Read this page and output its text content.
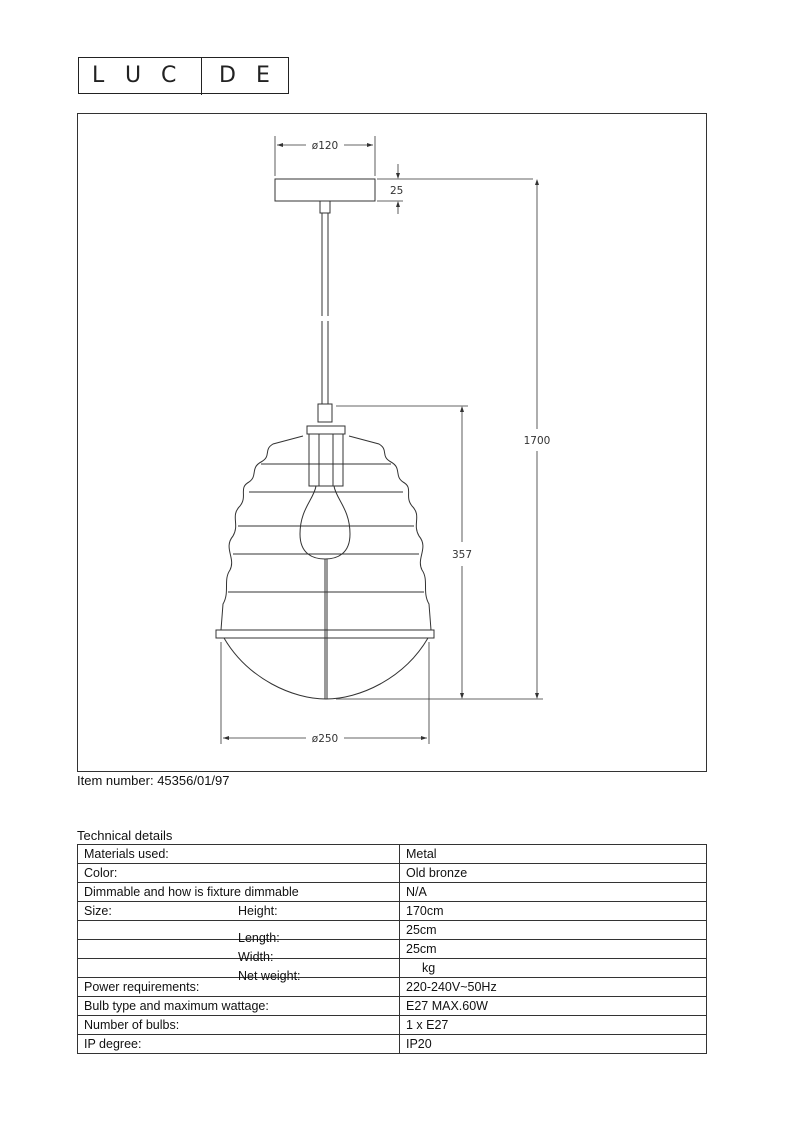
L U C D E
ø120
25
357
1700
ø250
Item number: 45356/01/97
Technical details
Materials used:	Metal
Color:	Old bronze
Dimmable and how is fixture dimmable	N/A
Size: Height:	170cm

Length:	25cm

Width:	25cm

Net weight:	kg
Power requirements:	220-240V~50Hz
Bulb type and maximum wattage:	E27 MAX.60W
Number of bulbs:	1 x E27
IP degree:	IP20
